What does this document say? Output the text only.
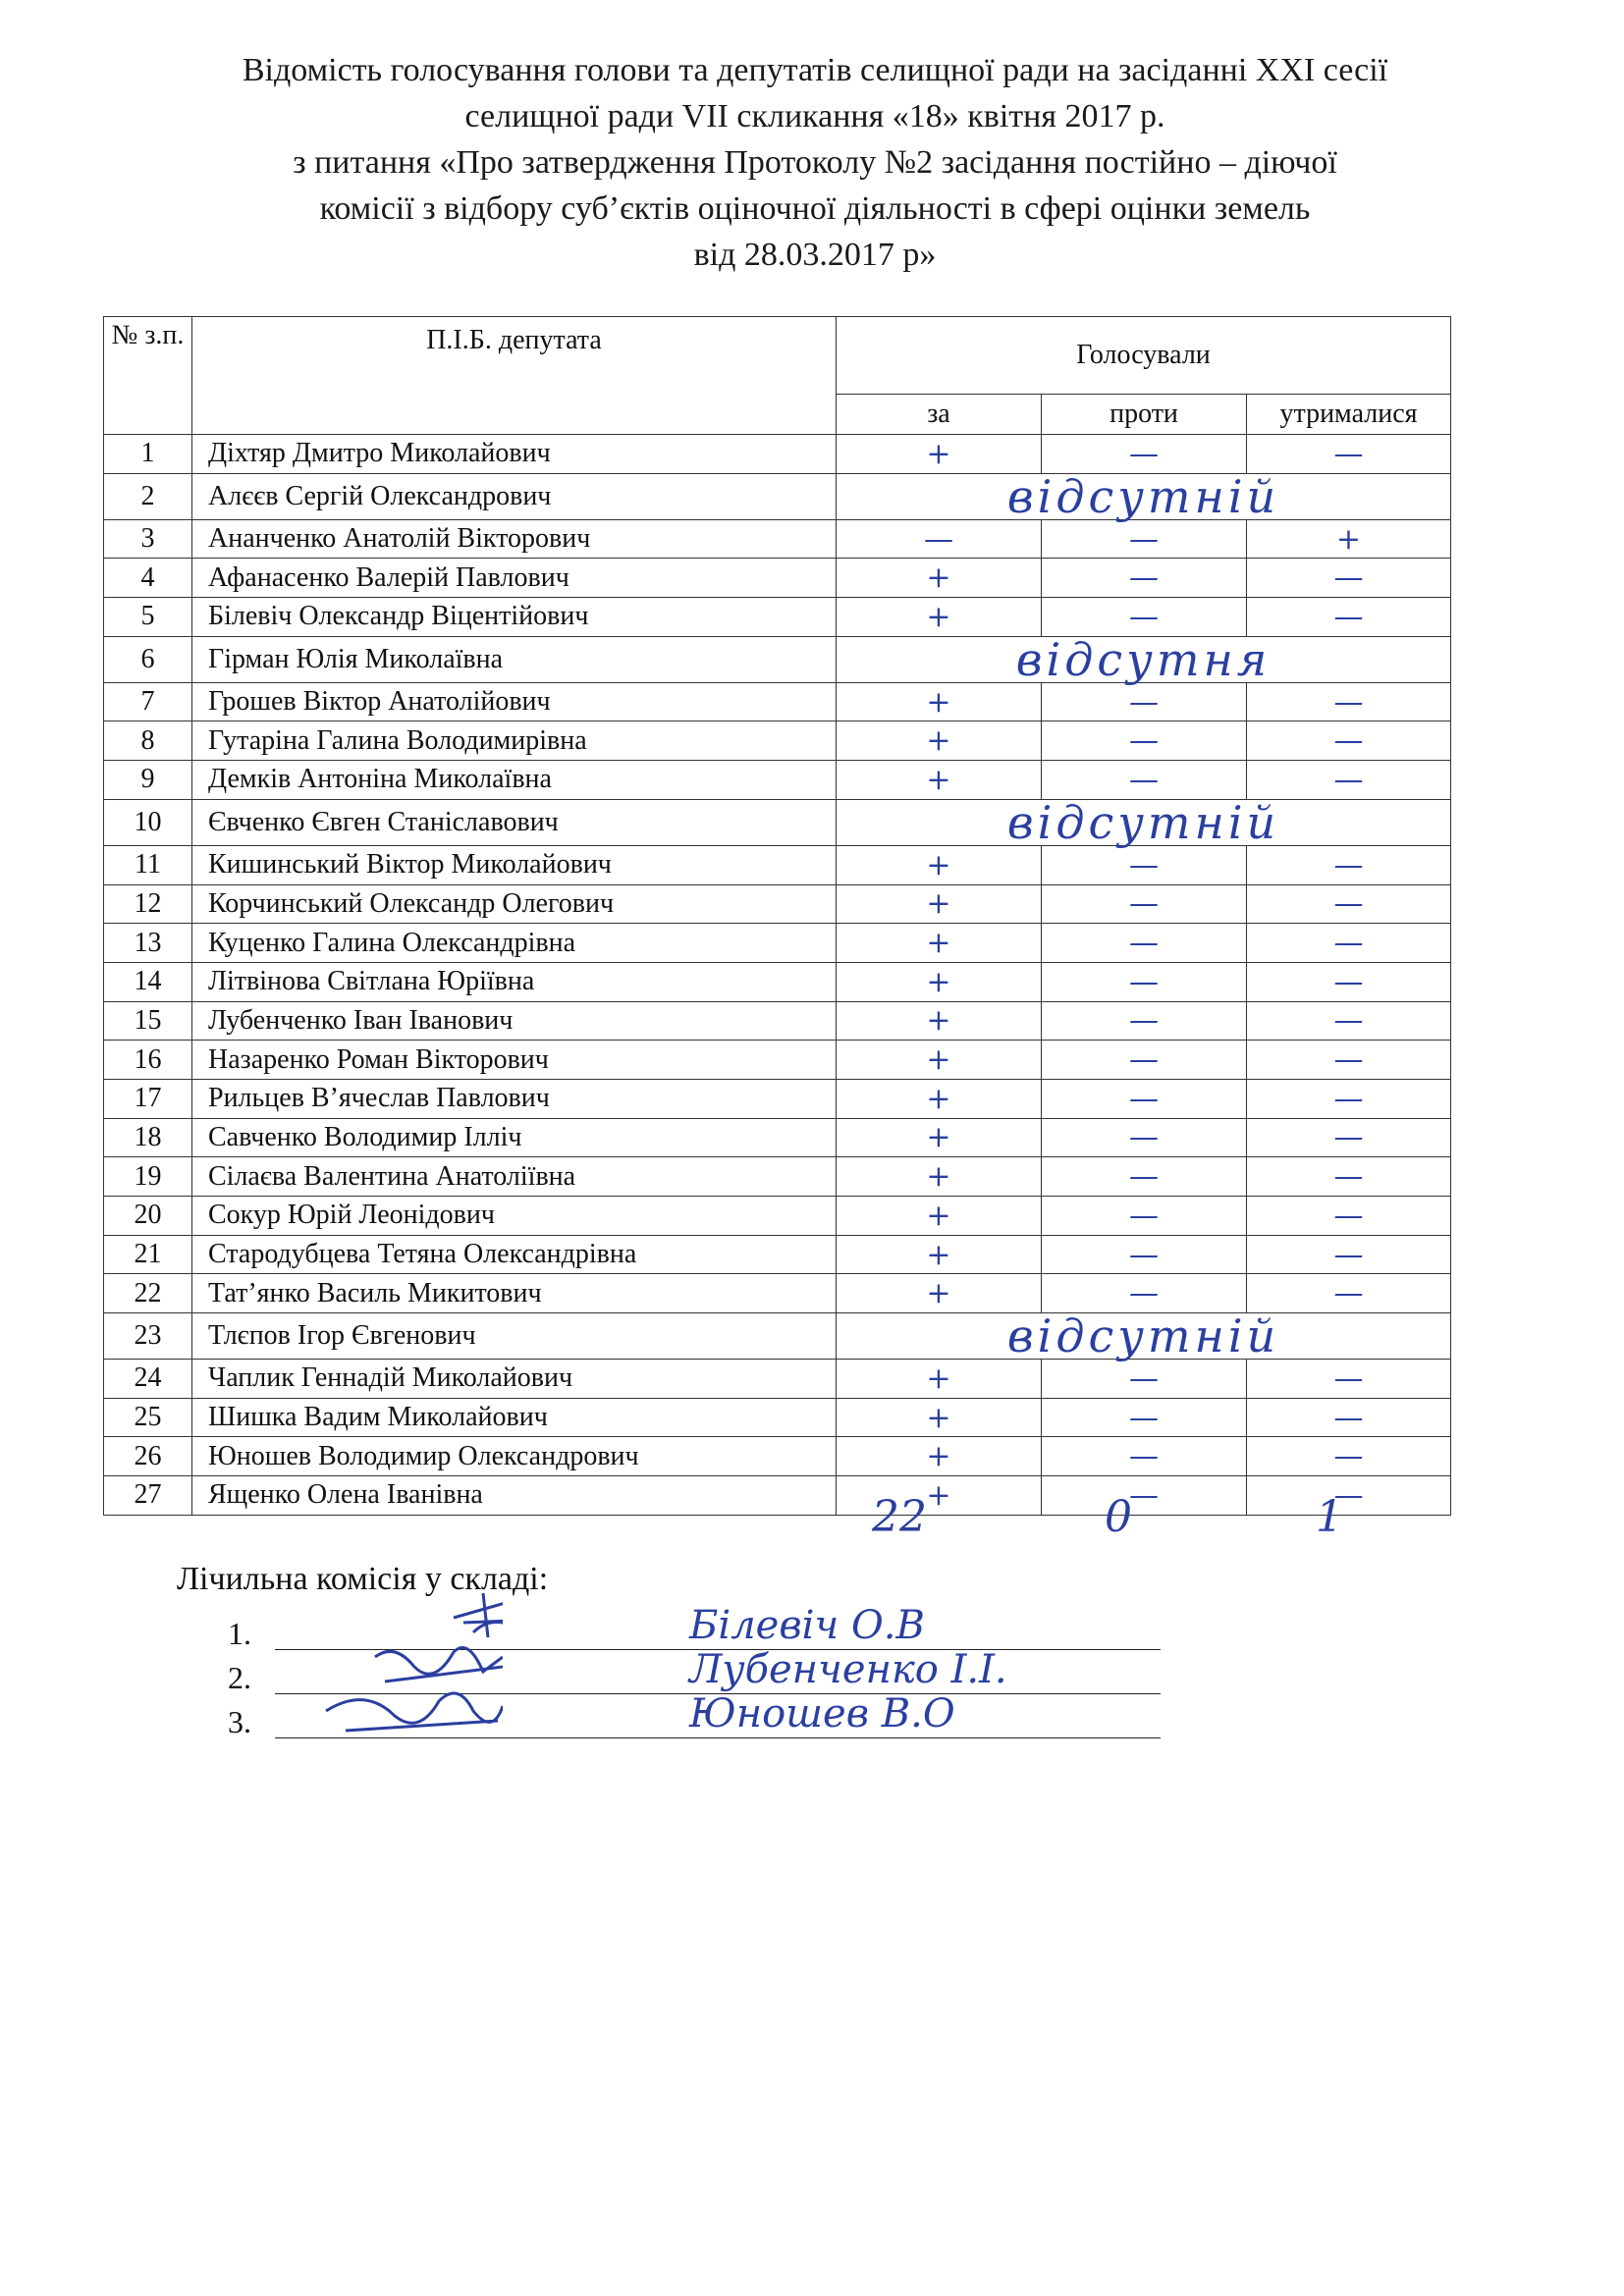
Відомість голосування голови та депутатів селищної ради на засіданні XXI сесії
селищної ради VII скликання «18» квітня 2017 р.
з питання «Про затвердження Протоколу №2 засідання постійно – діючої
комісії з відбору суб’єктів оціночної діяльності в сфері оцінки земель
від 28.03.2017 р»
№ з.п.	П.І.Б. депутата	Голосували		
		за	проти	утрималися
1	Діхтяр Дмитро Миколайович	+	—	—
2	Алєєв Сергій Олександрович	відсутній		
3	Ананченко Анатолій Вікторович	—	—	+
4	Афанасенко Валерій Павлович	+	—	—
5	Білевіч Олександр Віцентійович	+	—	—
6	Гірман Юлія Миколаївна	відсутня		
7	Грошев Віктор Анатолійович	+	—	—
8	Гутаріна Галина Володимирівна	+	—	—
9	Демків Антоніна Миколаївна	+	—	—
10	Євченко Євген Станіславович	відсутній		
11	Кишинський Віктор Миколайович	+	—	—
12	Корчинський Олександр Олегович	+	—	—
13	Куценко Галина Олександрівна	+	—	—
14	Літвінова Світлана Юріївна	+	—	—
15	Лубенченко Іван Іванович	+	—	—
16	Назаренко Роман Вікторович	+	—	—
17	Рильцев В’ячеслав Павлович	+	—	—
18	Савченко Володимир Ілліч	+	—	—
19	Сілаєва Валентина Анатоліївна	+	—	—
20	Сокур Юрій Леонідович	+	—	—
21	Стародубцева Тетяна Олександрівна	+	—	—
22	Тат’янко Василь Микитович	+	—	—
23	Тлєпов Ігор Євгенович	відсутній		
24	Чаплик Геннадій Миколайович	+	—	—
25	Шишка Вадим Миколайович	+	—	—
26	Юношев Володимир Олександрович	+	—	—
27	Ященко Олена Іванівна	+	—	—
22	0	1
Лічильна комісія у складі:
1.	Білевіч О.В
2.	Лубенченко І.І.
3.	Юношев В.О
